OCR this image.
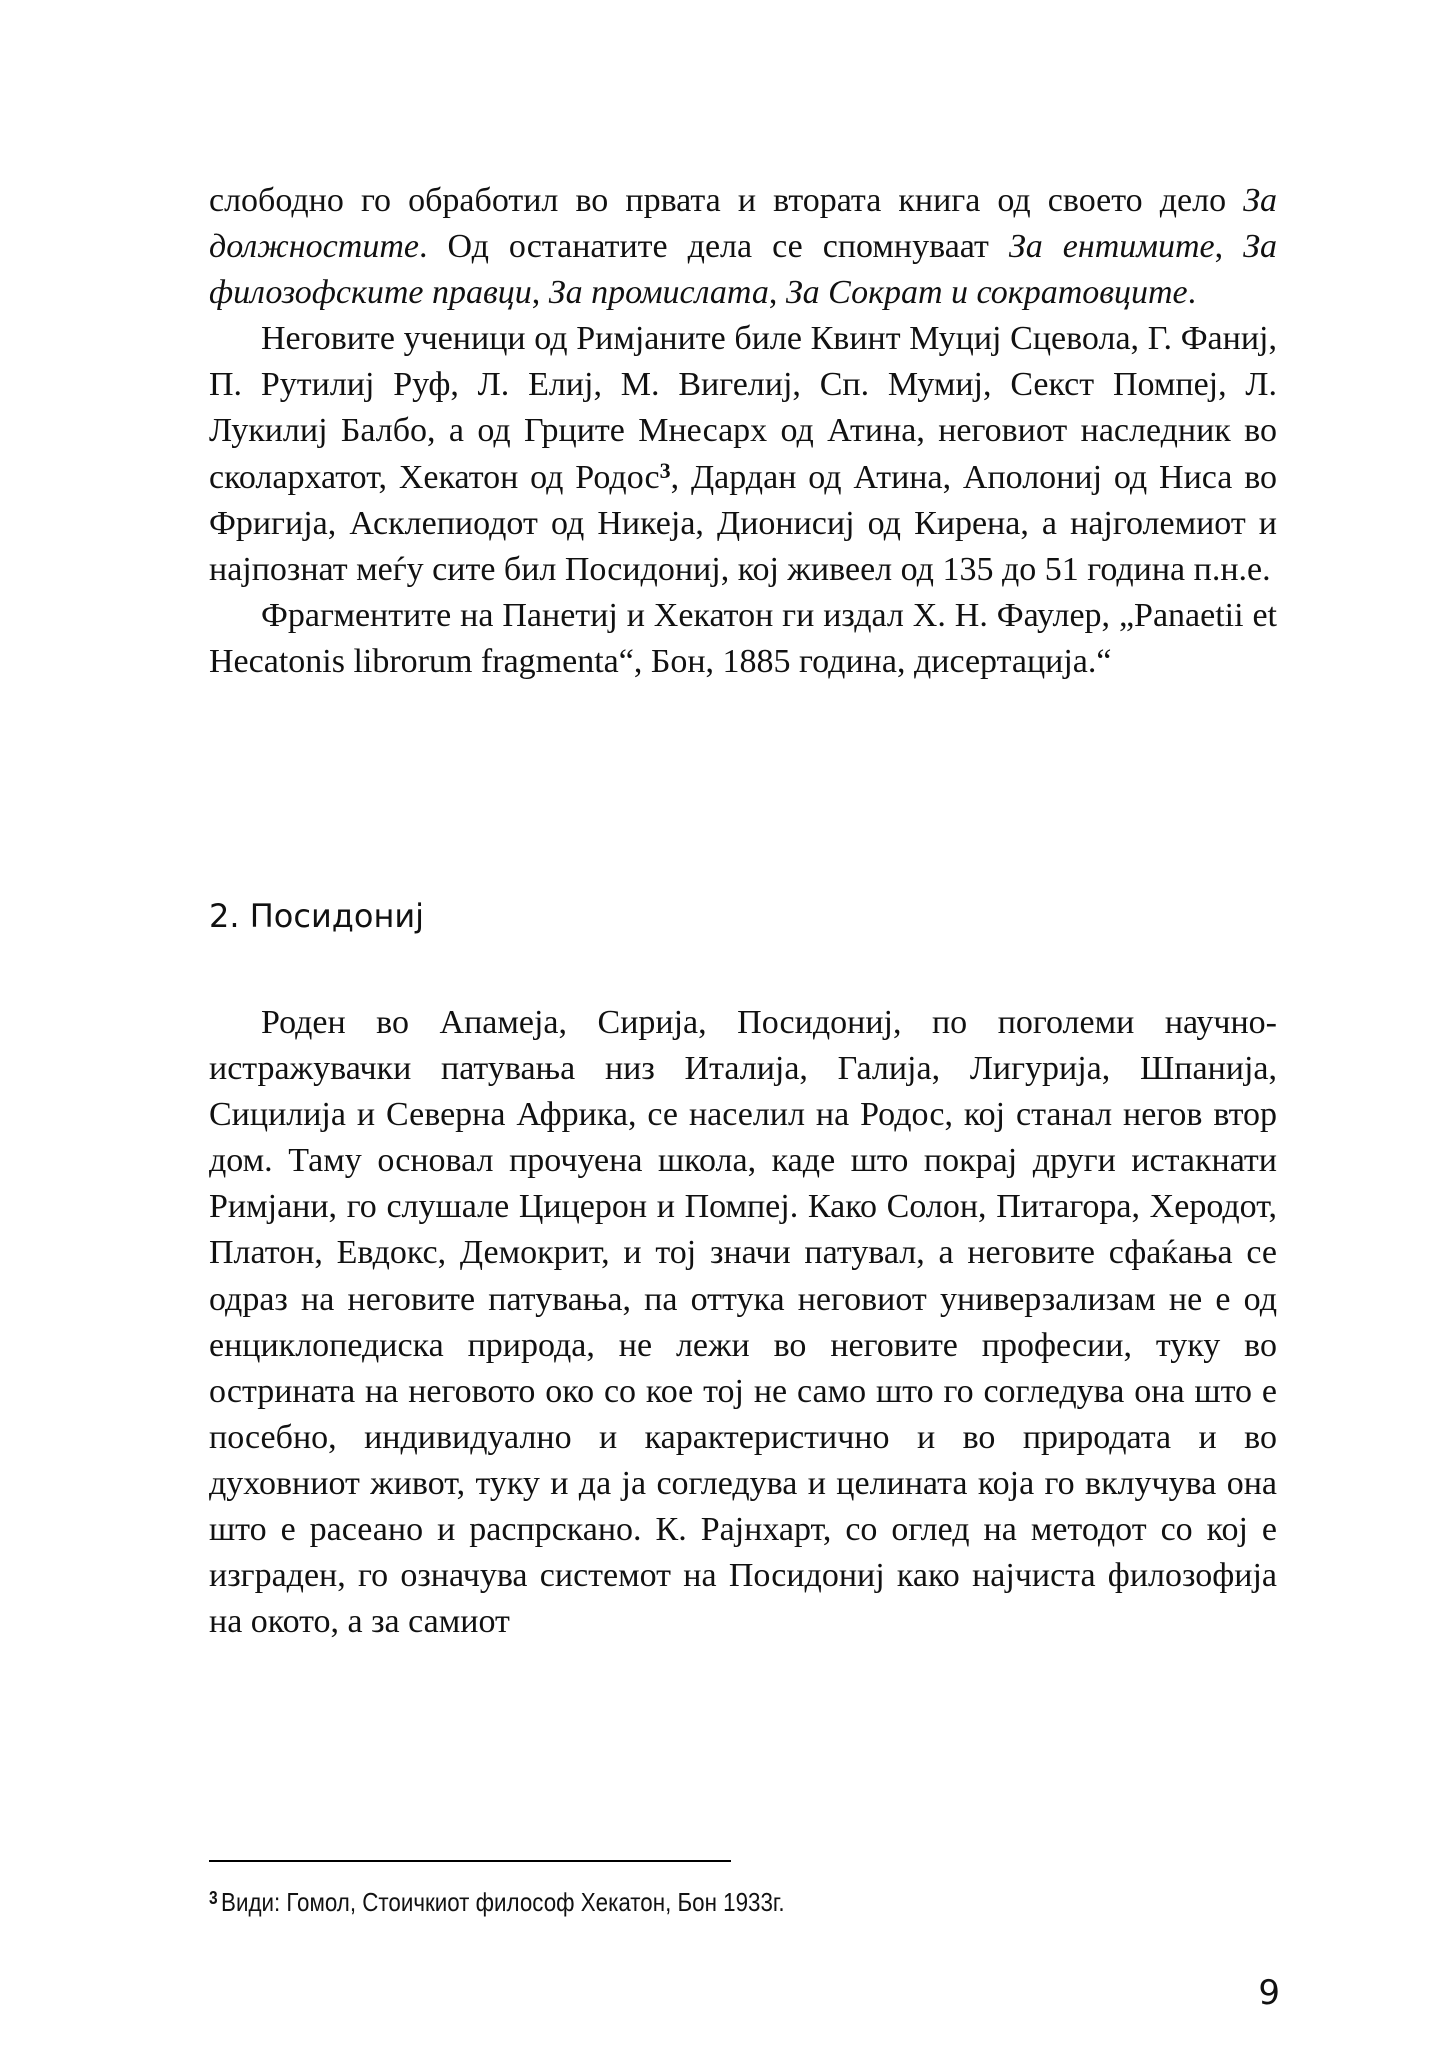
слободно го обработил во првата и втората книга од своето дело За должностите. Од останатите дела се спомнуваат За ентимите, За филозофските правци, За промислата, За Сократ и сократовците.

Неговите ученици од Римјаните биле Квинт Муциј Сцевола, Г. Фаниј, П. Рутилиј Руф, Л. Елиј, М. Вигелиј, Сп. Мумиј, Секст Помпеј, Л. Лукилиј Балбо, а од Грците Мнесарх од Атина, неговиот наследник во сколархатот, Хекатон од Родос$^3$, Дардан од Атина, Аполониј од Ниса во Фригија, Асклепиодот од Никеја, Дионисиј од Кирена, а најголемиот и најпознат меѓу сите бил Посидониј, кој живеел од 135 до 51 година п.н.е.

Фрагментите на Панетиј и Хекатон ги издал Х. Н. Фаулер, „Panaetii et Hecatonis librorum fragmenta“, Бон, 1885 година, дисертација.“

2. Посидониј

Роден во Апамеја, Сирија, Посидониј, по поголеми научно-истражувачки патувања низ Италија, Галија, Лигурија, Шпанија, Сицилија и Северна Африка, се населил на Родос, кој станал негов втор дом. Таму основал прочуена школа, каде што покрај други истакнати Римјани, го слушале Цицерон и Помпеј. Како Солон, Питагора, Херодот, Платон, Евдокс, Демокрит, и тој значи патувал, а неговите сфаќања се одраз на неговите патувања, па оттука неговиот универзализам не е од енциклопедиска природа, не лежи во неговите професии, туку во острината на неговото око со кое тој не само што го согледува она што е посебно, индивидуално и карактеристично и во природата и во духовниот живот, туку и да ја согледува и целината која го вклучува она што е расеано и распрскано. К. Рајнхарт, со оглед на методот со кој е изграден, го означува системот на Посидониј како најчиста филозофија на окото, а за самиот

$^3$ Види: Гомол, Стоичкиот философ Хекатон, Бон 1933г.
9
